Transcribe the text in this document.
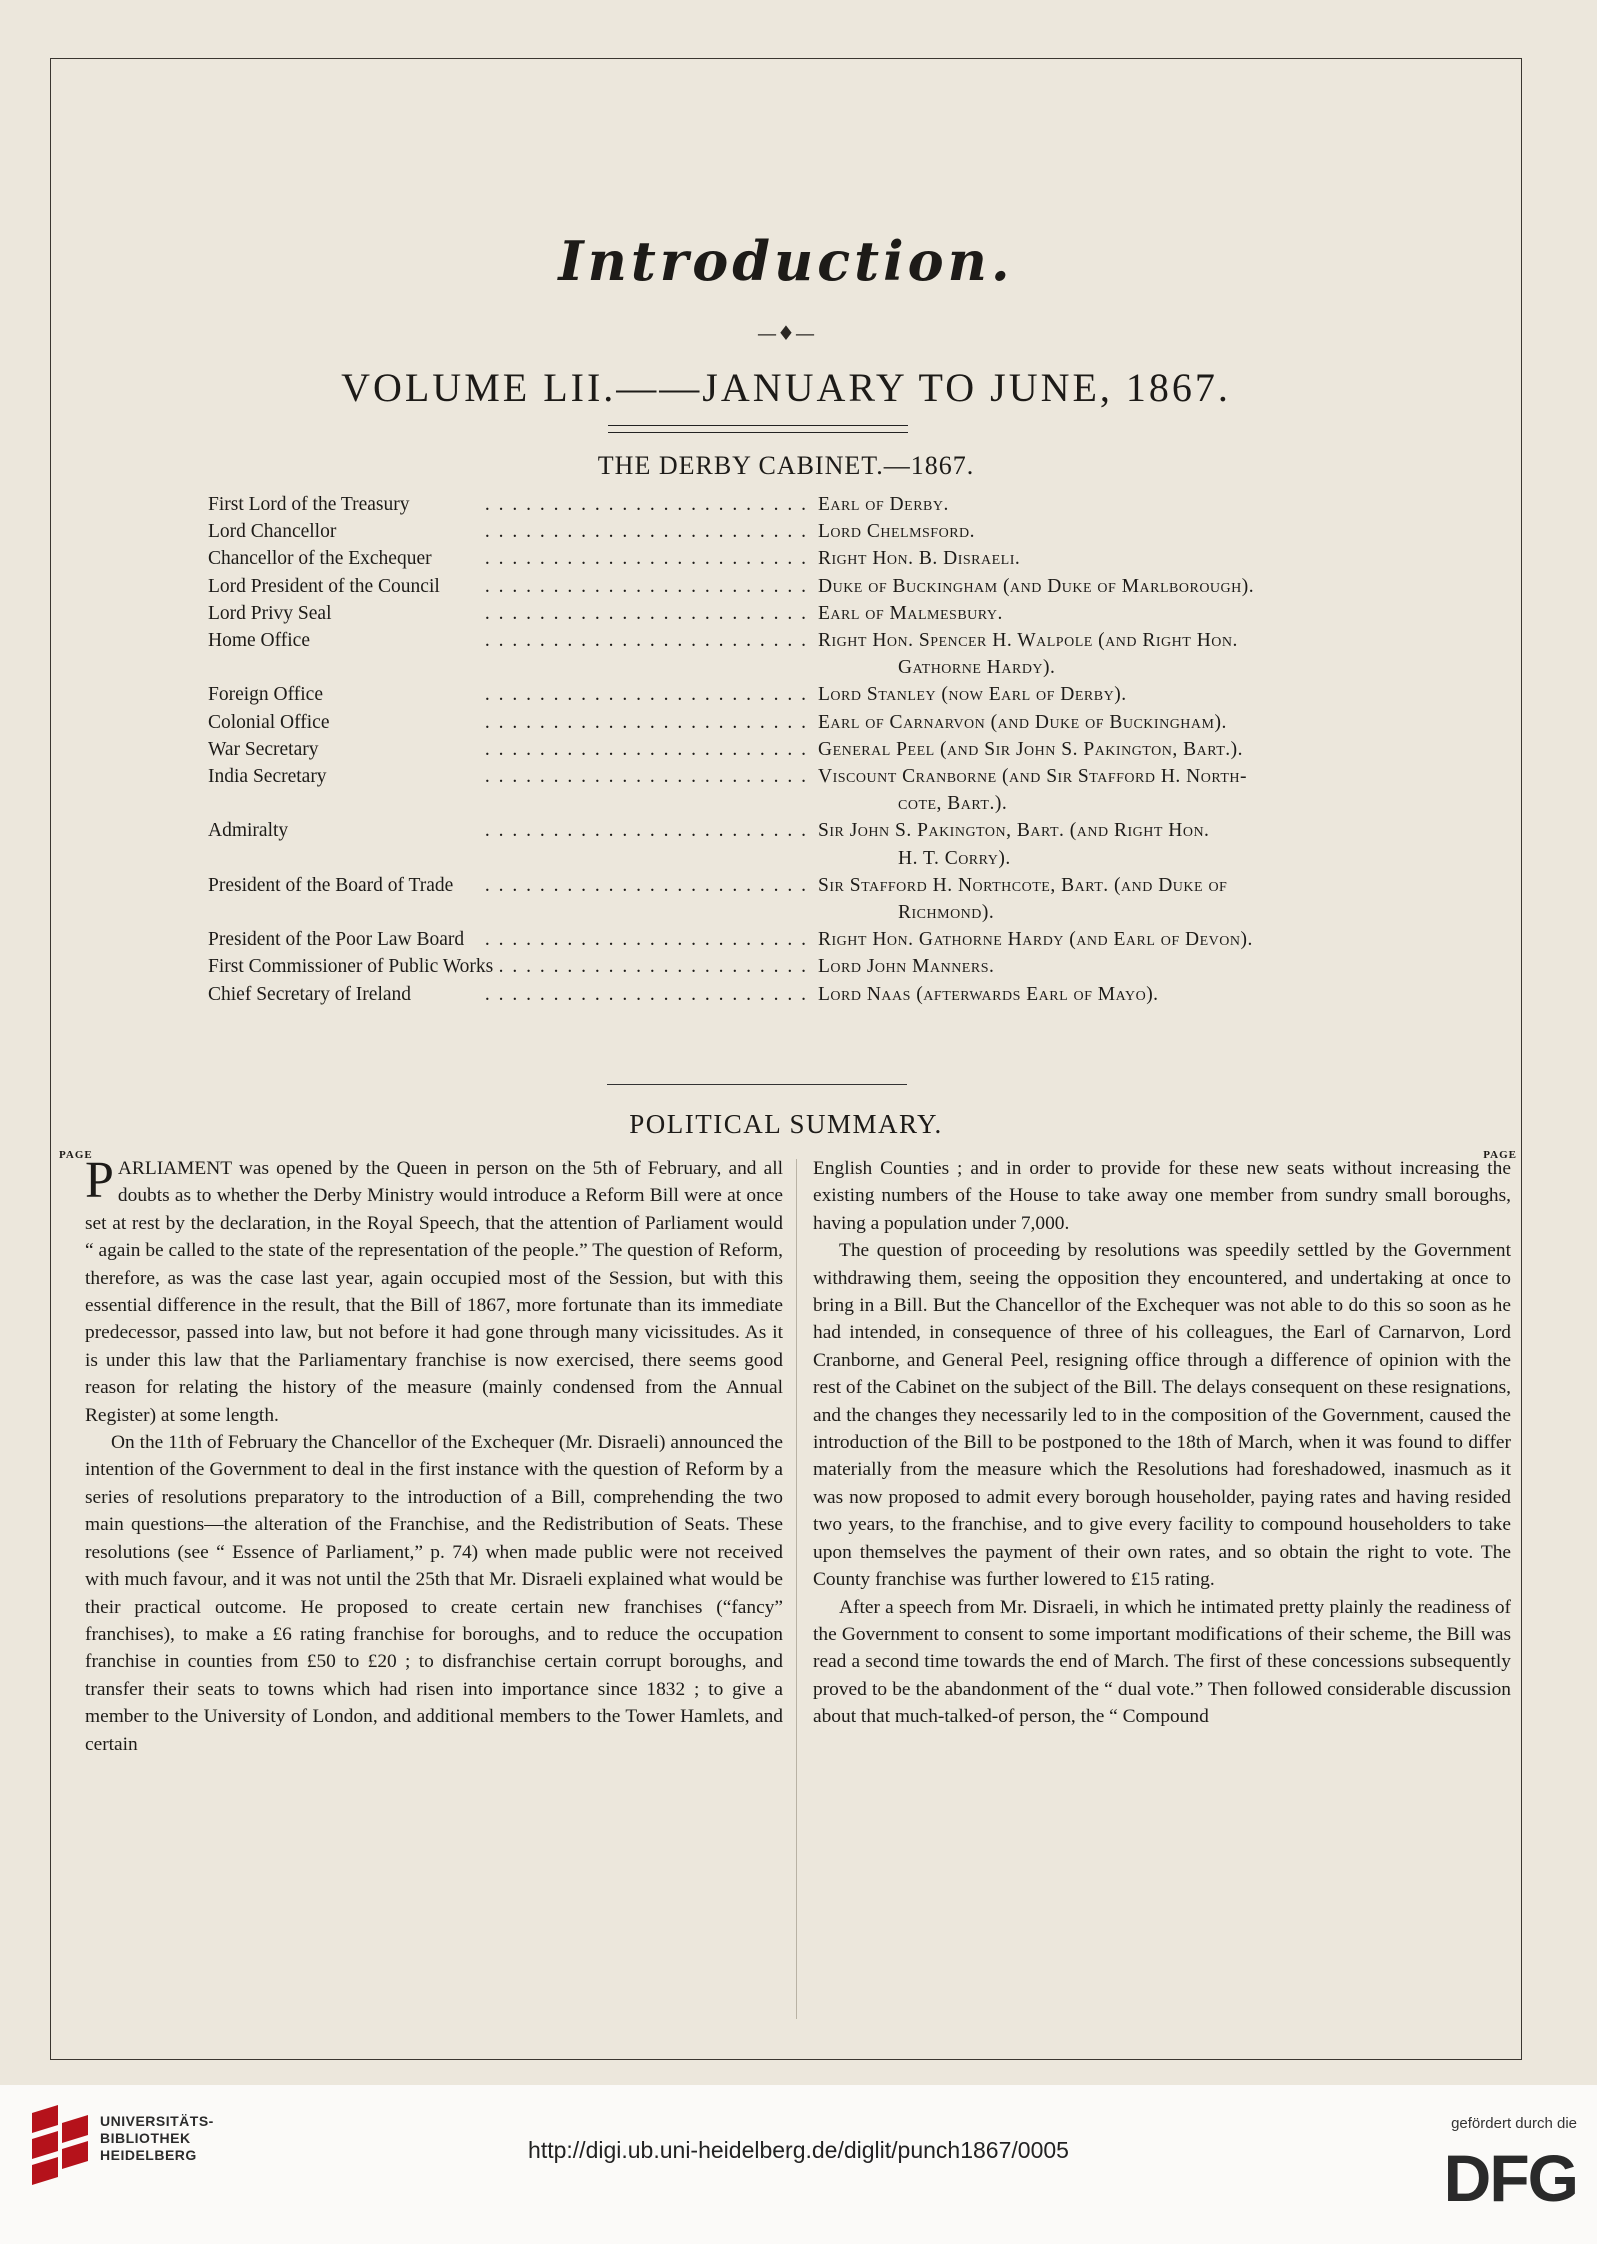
Introduction.
—♦—
VOLUME LII.——JANUARY TO JUNE, 1867.
THE DERBY CABINET.—1867.
First Lord of the Treasury . .	Earl of Derby.
Lord Chancellor . .	Lord Chelmsford.
Chancellor of the Exchequer . .	Right Hon. B. Disraeli.
Lord President of the Council . .	Duke of Buckingham (and Duke of Marlborough).
Lord Privy Seal . .	Earl of Malmesbury.
Home Office . .	Right Hon. Spencer H. Walpole (and Right Hon.
Gathorne Hardy).
Foreign Office . .	Lord Stanley (now Earl of Derby).
Colonial Office . .	Earl of Carnarvon (and Duke of Buckingham).
War Secretary . .	General Peel (and Sir John S. Pakington, Bart.).
India Secretary . .	Viscount Cranborne (and Sir Stafford H. North-
cote, Bart.).
Admiralty . .	Sir John S. Pakington, Bart. (and Right Hon.
H. T. Corry).
President of the Board of Trade . .	Sir Stafford H. Northcote, Bart. (and Duke of
Richmond).
President of the Poor Law Board . .	Right Hon. Gathorne Hardy (and Earl of Devon).
First Commissioner of Public Works . .	Lord John Manners.
Chief Secretary of Ireland . .	Lord Naas (afterwards Earl of Mayo).
POLITICAL SUMMARY.
PAGE	PAGE

PARLIAMENT was opened by the Queen in person on the 5th of February, and all doubts as to whether the Derby Ministry would introduce a Reform Bill were at once set at rest by the declaration, in the Royal Speech, that the attention of Parliament would “ again be called to the state of the representation of the people.” The question of Reform, therefore, as was the case last year, again occupied most of the Session, but with this essential difference in the result, that the Bill of 1867, more fortunate than its immediate predecessor, passed into law, but not before it had gone through many vicissitudes. As it is under this law that the Parliamentary franchise is now exercised, there seems good reason for relating the history of the measure (mainly condensed from the Annual Register) at some length.

On the 11th of February the Chancellor of the Exchequer (Mr. Disraeli) announced the intention of the Government to deal in the first instance with the question of Reform by a series of resolutions preparatory to the introduction of a Bill, comprehending the two main questions—the alteration of the Franchise, and the Redistribution of Seats. These resolutions (see “ Essence of Parliament,” p. 74) when made public were not received with much favour, and it was not until the 25th that Mr. Disraeli explained what would be their practical outcome. He proposed to create certain new franchises (“fancy” franchises), to make a £6 rating franchise for boroughs, and to reduce the occupation franchise in counties from £50 to £20 ; to disfranchise certain corrupt boroughs, and transfer their seats to towns which had risen into importance since 1832 ; to give a member to the University of London, and additional members to the Tower Hamlets, and certain

English Counties ; and in order to provide for these new seats without increasing the existing numbers of the House to take away one member from sundry small boroughs, having a population under 7,000.

The question of proceeding by resolutions was speedily settled by the Government withdrawing them, seeing the opposition they encountered, and undertaking at once to bring in a Bill. But the Chancellor of the Exchequer was not able to do this so soon as he had intended, in consequence of three of his colleagues, the Earl of Carnarvon, Lord Cranborne, and General Peel, resigning office through a difference of opinion with the rest of the Cabinet on the subject of the Bill. The delays consequent on these resignations, and the changes they necessarily led to in the composition of the Government, caused the introduction of the Bill to be postponed to the 18th of March, when it was found to differ materially from the measure which the Resolutions had foreshadowed, inasmuch as it was now proposed to admit every borough householder, paying rates and having resided two years, to the franchise, and to give every facility to compound householders to take upon themselves the payment of their own rates, and so obtain the right to vote. The County franchise was further lowered to £15 rating.

After a speech from Mr. Disraeli, in which he intimated pretty plainly the readiness of the Government to consent to some important modifications of their scheme, the Bill was read a second time towards the end of March. The first of these concessions subsequently proved to be the abandonment of the “ dual vote.” Then followed considerable discussion about that much-talked-of person, the “ Compound

UNIVERSITÄTS-
BIBLIOTHEK
HEIDELBERG	http://digi.ub.uni-heidelberg.de/diglit/punch1867/0005
gefördert durch die
DFG
